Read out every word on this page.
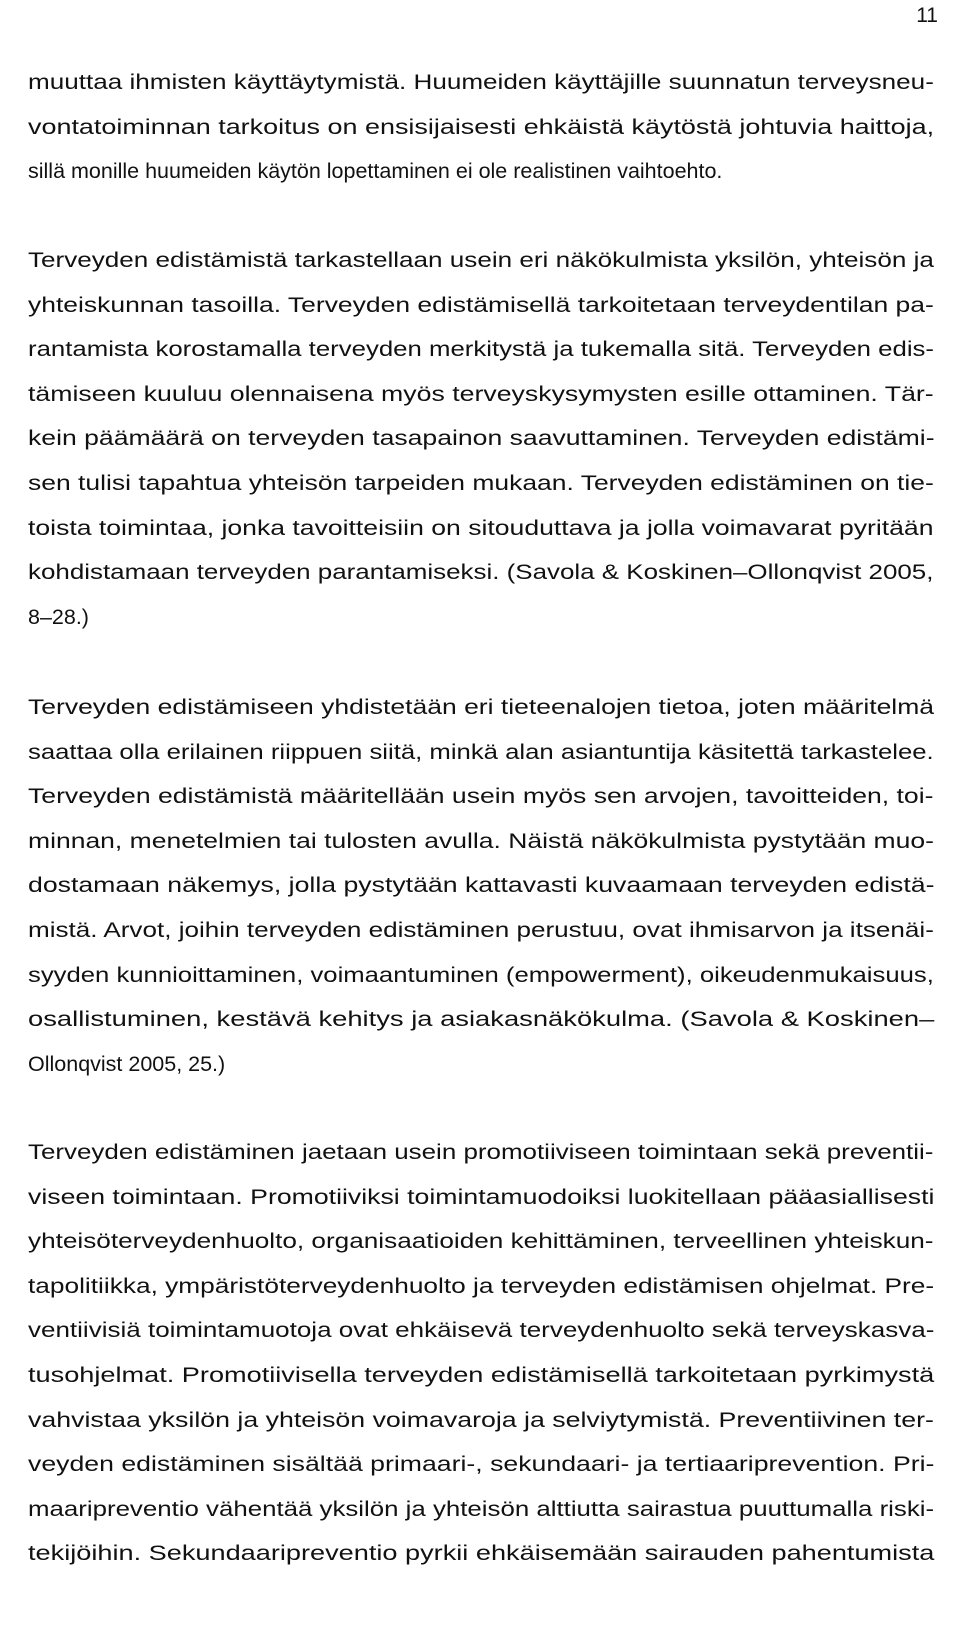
11
muuttaa ihmisten käyttäytymistä. Huumeiden käyttäjille suunnatun terveysneu-
vontatoiminnan tarkoitus on ensisijaisesti ehkäistä käytöstä johtuvia haittoja,
sillä monille huumeiden käytön lopettaminen ei ole realistinen vaihtoehto.
Terveyden edistämistä tarkastellaan usein eri näkökulmista yksilön, yhteisön ja
yhteiskunnan tasoilla. Terveyden edistämisellä tarkoitetaan terveydentilan pa-
rantamista korostamalla terveyden merkitystä ja tukemalla sitä. Terveyden edis-
tämiseen kuuluu olennaisena myös terveyskysymysten esille ottaminen. Tär-
kein päämäärä on terveyden tasapainon saavuttaminen. Terveyden edistämi-
sen tulisi tapahtua yhteisön tarpeiden mukaan. Terveyden edistäminen on tie-
toista toimintaa, jonka tavoitteisiin on sitouduttava ja jolla voimavarat pyritään
kohdistamaan terveyden parantamiseksi. (Savola & Koskinen–Ollonqvist 2005,
8–28.)
Terveyden edistämiseen yhdistetään eri tieteenalojen tietoa, joten määritelmä
saattaa olla erilainen riippuen siitä, minkä alan asiantuntija käsitettä tarkastelee.
Terveyden edistämistä määritellään usein myös sen arvojen, tavoitteiden, toi-
minnan, menetelmien tai tulosten avulla. Näistä näkökulmista pystytään muo-
dostamaan näkemys, jolla pystytään kattavasti kuvaamaan terveyden edistä-
mistä. Arvot, joihin terveyden edistäminen perustuu, ovat ihmisarvon ja itsenäi-
syyden kunnioittaminen, voimaantuminen (empowerment), oikeudenmukaisuus,
osallistuminen, kestävä kehitys ja asiakasnäkökulma. (Savola & Koskinen–
Ollonqvist 2005, 25.)
Terveyden edistäminen jaetaan usein promotiiviseen toimintaan sekä preventii-
viseen toimintaan. Promotiiviksi toimintamuodoiksi luokitellaan pääasiallisesti
yhteisöterveydenhuolto, organisaatioiden kehittäminen, terveellinen yhteiskun-
tapolitiikka, ympäristöterveydenhuolto ja terveyden edistämisen ohjelmat. Pre-
ventiivisiä toimintamuotoja ovat ehkäisevä terveydenhuolto sekä terveyskasva-
tusohjelmat. Promotiivisella terveyden edistämisellä tarkoitetaan pyrkimystä
vahvistaa yksilön ja yhteisön voimavaroja ja selviytymistä. Preventiivinen ter-
veyden edistäminen sisältää primaari-, sekundaari- ja tertiaariprevention. Pri-
maaripreventio vähentää yksilön ja yhteisön alttiutta sairastua puuttumalla riski-
tekijöihin. Sekundaaripreventio pyrkii ehkäisemään sairauden pahentumista
